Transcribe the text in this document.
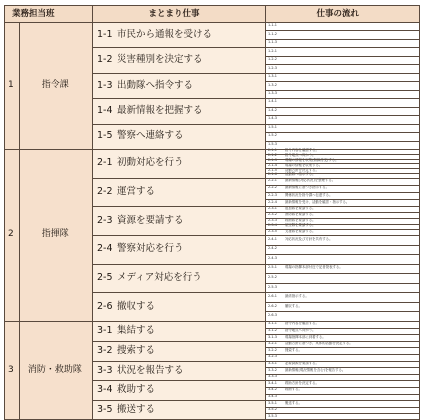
業務担当班	まとまり仕事	仕事の流れ
1	指令課
1-1 市民から通報を受ける
1-1-1
1-1-2
1-1-3
1-2 災害種別を決定する
1-2-1
1-2-2
1-2-3
1-3 出動隊へ指令する
1-3-1
1-3-2
1-3-3
1-4 最新情報を把握する
1-4-1
1-4-2
1-4-3
1-5 警察へ連絡する
1-5-1
1-5-2
1-5-3
2	指揮隊
2-1 初動対応を行う
2-1-1 指令内容を確認する。
2-1-2 指令地点へ向かう。
2-1-3 現場の情報を収集(無線傍受)する。
2-1-4 現場の情報を収集する。
2-1-5 活動方針を決定する。
2-1-6 活動隊へ指示する。
2-2 運営する
2-2-1 最新情報(対応状況)を整理する。
2-2-2 最新情報に基づき指示する。
2-2-3 関係状況を指令課へ伝達する。
2-2-4 最新情報を受け、活動を確認・指示する。
2-3 資源を要請する
2-3-1 追加隊を要請する。
2-3-2 消防隊を要請する。
2-3-3 救助隊を要請する。
2-3-4 航空隊を要請する。
2-3-5 支援隊を要請する。
2-4 警察対応を行う
2-4-1 対応状況及び方針を共有する。
2-4-2
2-4-3
2-5 メディア対応を行う
2-5-1 現場の指揮本部付近で記者発表する。
2-5-2
2-5-3
2-6 撤収する
2-6-1 最終指示する。
2-6-2 撤収する。
2-6-3
3 消防・救助隊
3-1 集結する
3-1-1 指令内容を確認する。
3-1-2 指令地点へ向かう。
3-1-3 現場指揮本部に到着する。
3-2 捜索する
3-2-1 活動方針に基づき、具体的活動を決定する。
3-2-2 捜索する。
3-2-3
3-3 状況を報告する
3-3-1 必要資源を要請する。
3-3-2 最新情報(現況情報を含む)を報告する。
3-3-3
3-4 救助する
3-4-1 救助方針を決定する。
3-4-2 救助する。
3-4-3
3-5 搬送する
3-5-1 搬送する。
3-5-2
3-5-3
